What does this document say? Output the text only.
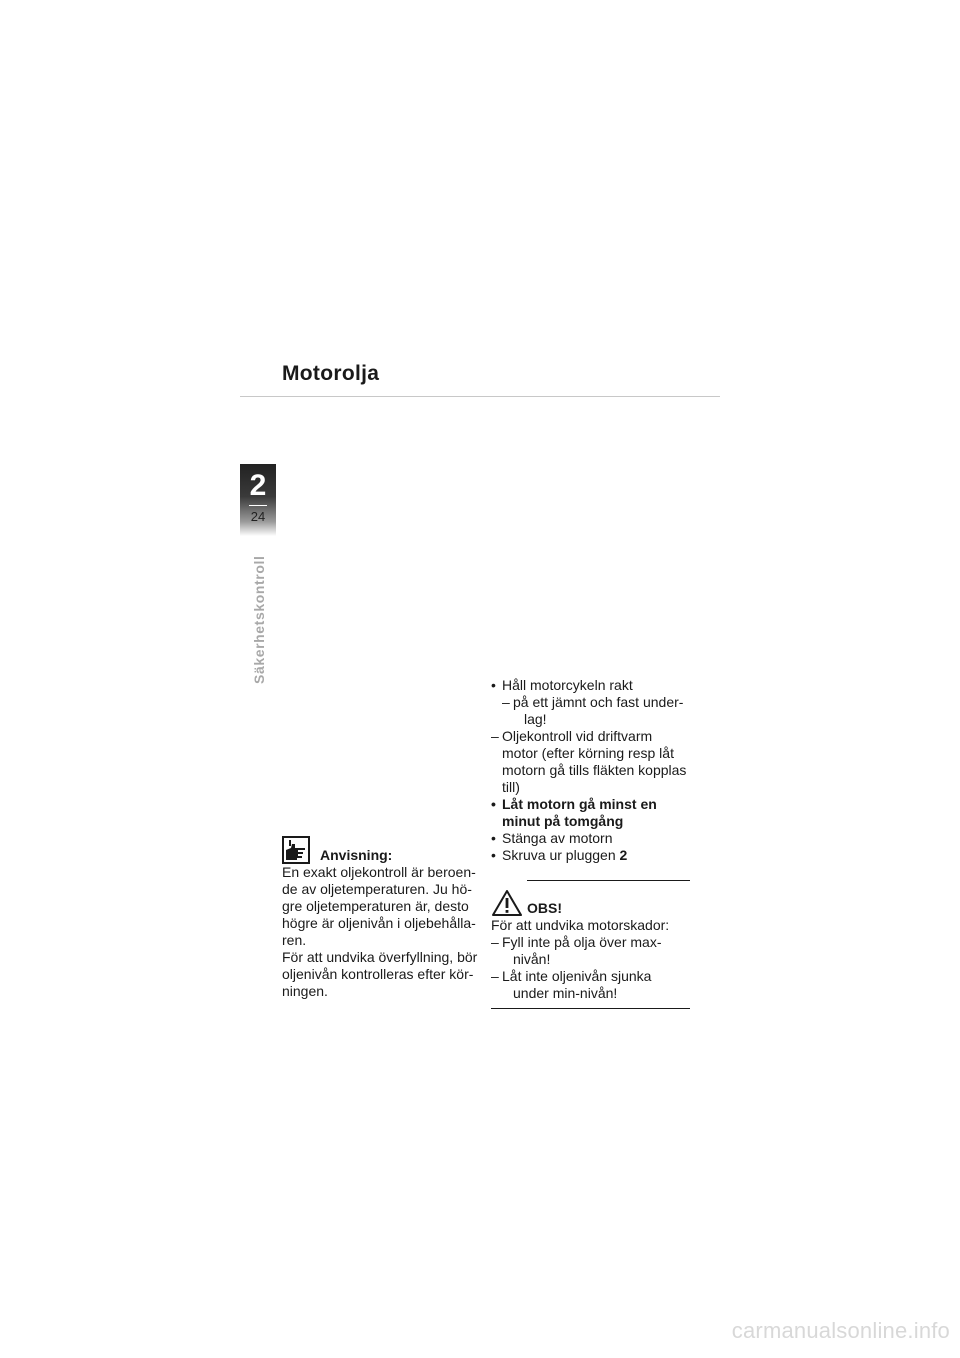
Motorolja
2
24
Säkerhetskontroll
Anvisning:

En exakt oljekontroll är beroen-

de av oljetemperaturen. Ju hö-

gre oljetemperaturen är, desto

högre är oljenivån i oljebehålla-

ren.

För att undvika överfyllning, bör

oljenivån kontrolleras efter kör-

ningen.

• Håll motorcykeln rakt

– på ett jämnt och fast under-

lag!

– Oljekontroll vid driftvarm

motor (efter körning resp låt

motorn gå tills fläkten kopplas

till)

• Låt motorn gå minst en

minut på tomgång

• Stänga av motorn

• Skruva ur pluggen 2

OBS!

För att undvika motorskador:

– Fyll inte på olja över max-

nivån!

– Låt inte oljenivån sjunka

under min-nivån!

carmanualsonline.info
